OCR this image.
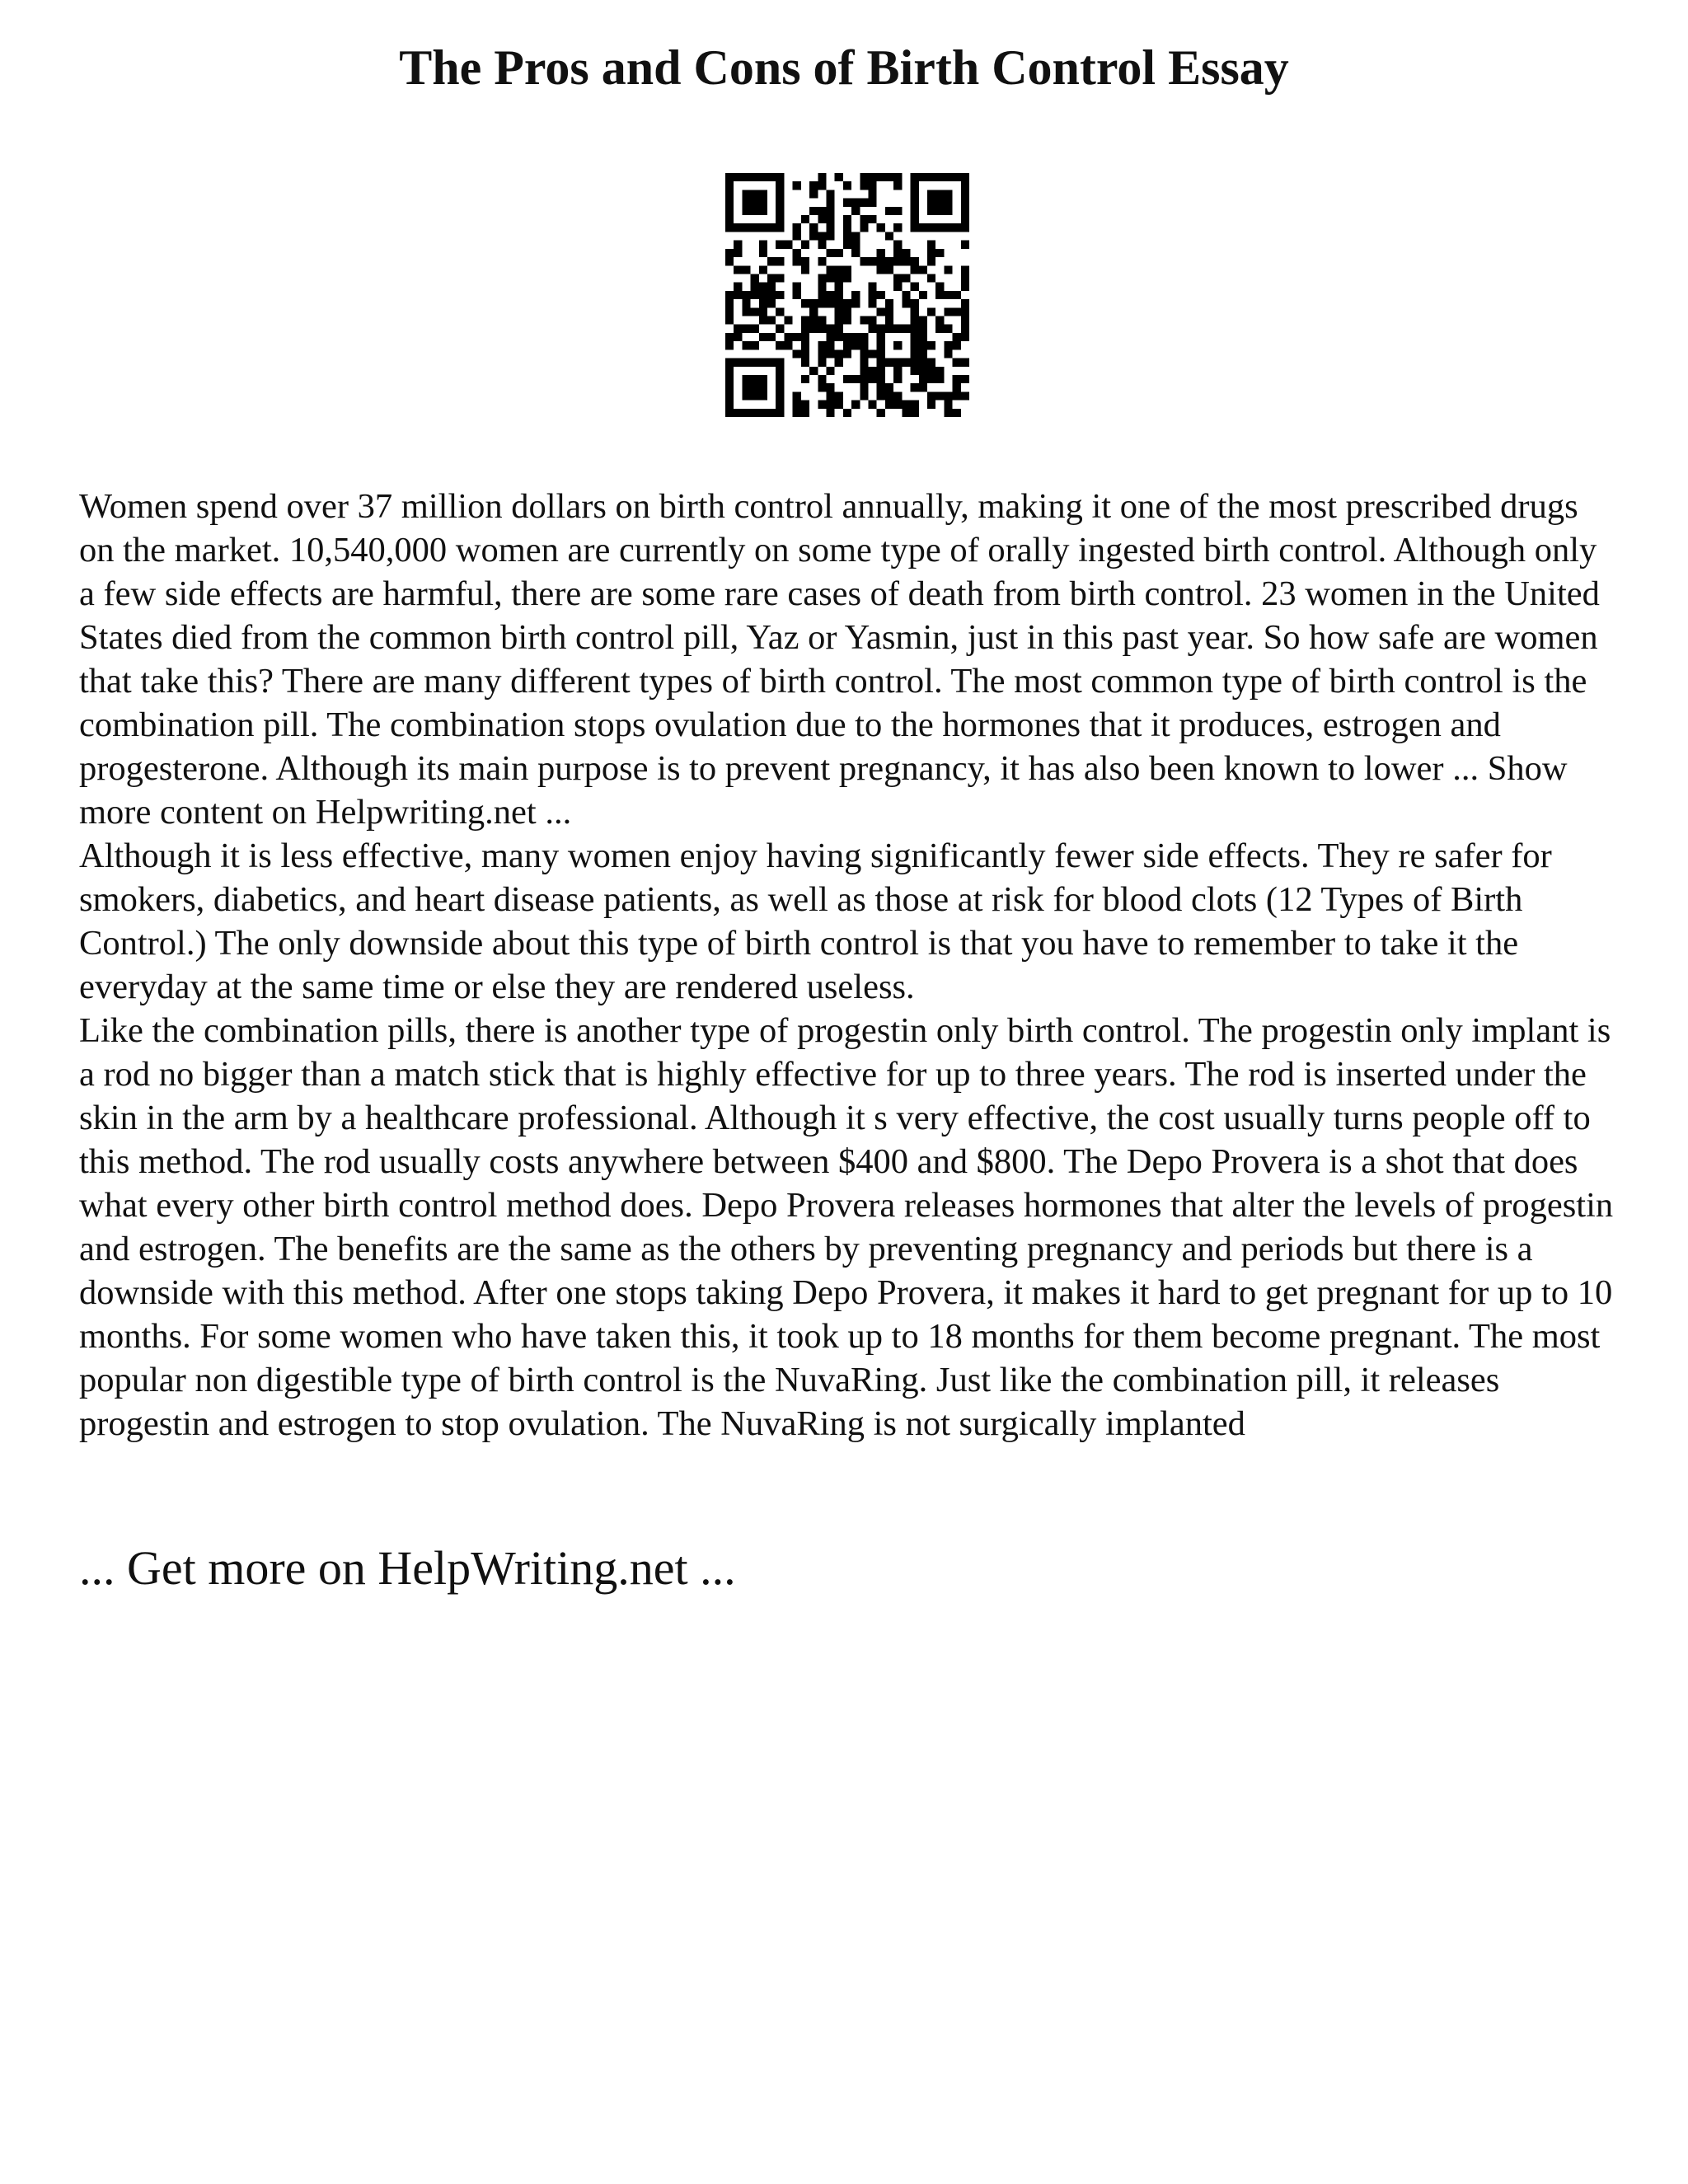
The Pros and Cons of Birth Control Essay

Women spend over 37 million dollars on birth control annually, making it one of the most prescribed drugs on the market. 10,540,000 women are currently on some type of orally ingested birth control. Although only a few side effects are harmful, there are some rare cases of death from birth control. 23 women in the United States died from the common birth control pill, Yaz or Yasmin, just in this past year. So how safe are women that take this? There are many different types of birth control. The most common type of birth control is the combination pill. The combination stops ovulation due to the hormones that it produces, estrogen and progesterone. Although its main purpose is to prevent pregnancy, it has also been known to lower ... Show more content on Helpwriting.net ...

Although it is less effective, many women enjoy having significantly fewer side effects. They re safer for smokers, diabetics, and heart disease patients, as well as those at risk for blood clots (12 Types of Birth Control.) The only downside about this type of birth control is that you have to remember to take it the everyday at the same time or else they are rendered useless.

Like the combination pills, there is another type of progestin only birth control. The progestin only implant is a rod no bigger than a match stick that is highly effective for up to three years. The rod is inserted under the skin in the arm by a healthcare professional. Although it s very effective, the cost usually turns people off to this method. The rod usually costs anywhere between $400 and $800. The Depo Provera is a shot that does what every other birth control method does. Depo Provera releases hormones that alter the levels of progestin and estrogen. The benefits are the same as the others by preventing pregnancy and periods but there is a downside with this method. After one stops taking Depo Provera, it makes it hard to get pregnant for up to 10 months. For some women who have taken this, it took up to 18 months for them become pregnant. The most popular non digestible type of birth control is the NuvaRing. Just like the combination pill, it releases progestin and estrogen to stop ovulation. The NuvaRing is not surgically implanted

... Get more on HelpWriting.net ...
